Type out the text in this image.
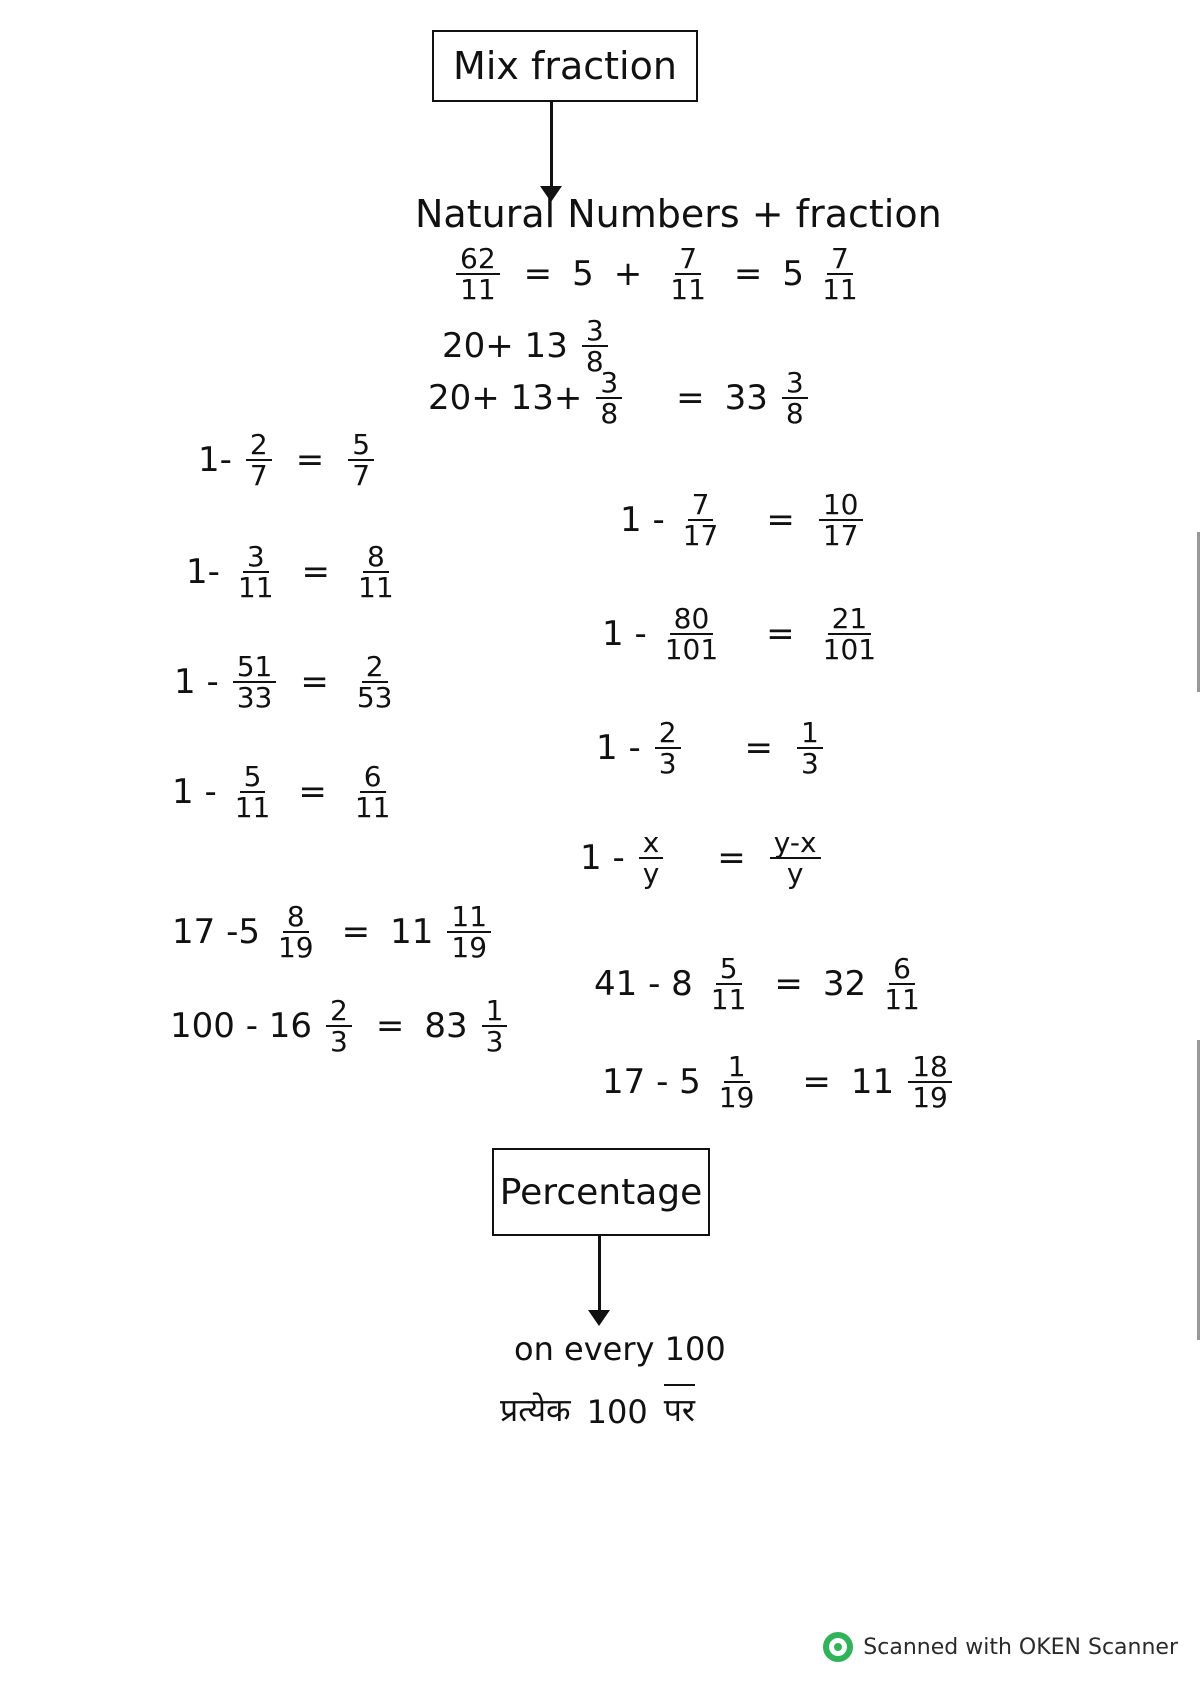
Mix fraction
Natural Numbers + fraction
$\frac{62}{11} = 5 + \frac{7}{11} = 5 \frac{7}{11}$
$20+ 13 \frac{3}{8}$
$20+ 13+ \frac{3}{8} = 33 \frac{3}{8}$
$1- \frac{2}{7} = \frac{5}{7}$
$1- \frac{3}{11} = \frac{8}{11}$
$1 - \frac{51}{33} = \frac{2}{53}$
$1 - \frac{5}{11} = \frac{6}{11}$
$1 - \frac{7}{17} = \frac{10}{17}$
$1 - \frac{80}{101} = \frac{21}{101}$
$1 - \frac{2}{3} = \frac{1}{3}$
$1 - \frac{x}{y} = \frac{y-x}{y}$
17 $-5 \frac{8}{19} = 11 \frac{11}{19}$
$100 - 16 \frac{2}{3} = 83 \frac{1}{3}$
$41 - 8 \frac{5}{11} = 32 \frac{6}{11}$
$17 - 5 \frac{1}{19} = 11 \frac{18}{19}$
Percentage
on every 100
प्रत्येक 100 पर
Scanned with OKEN Scanner
